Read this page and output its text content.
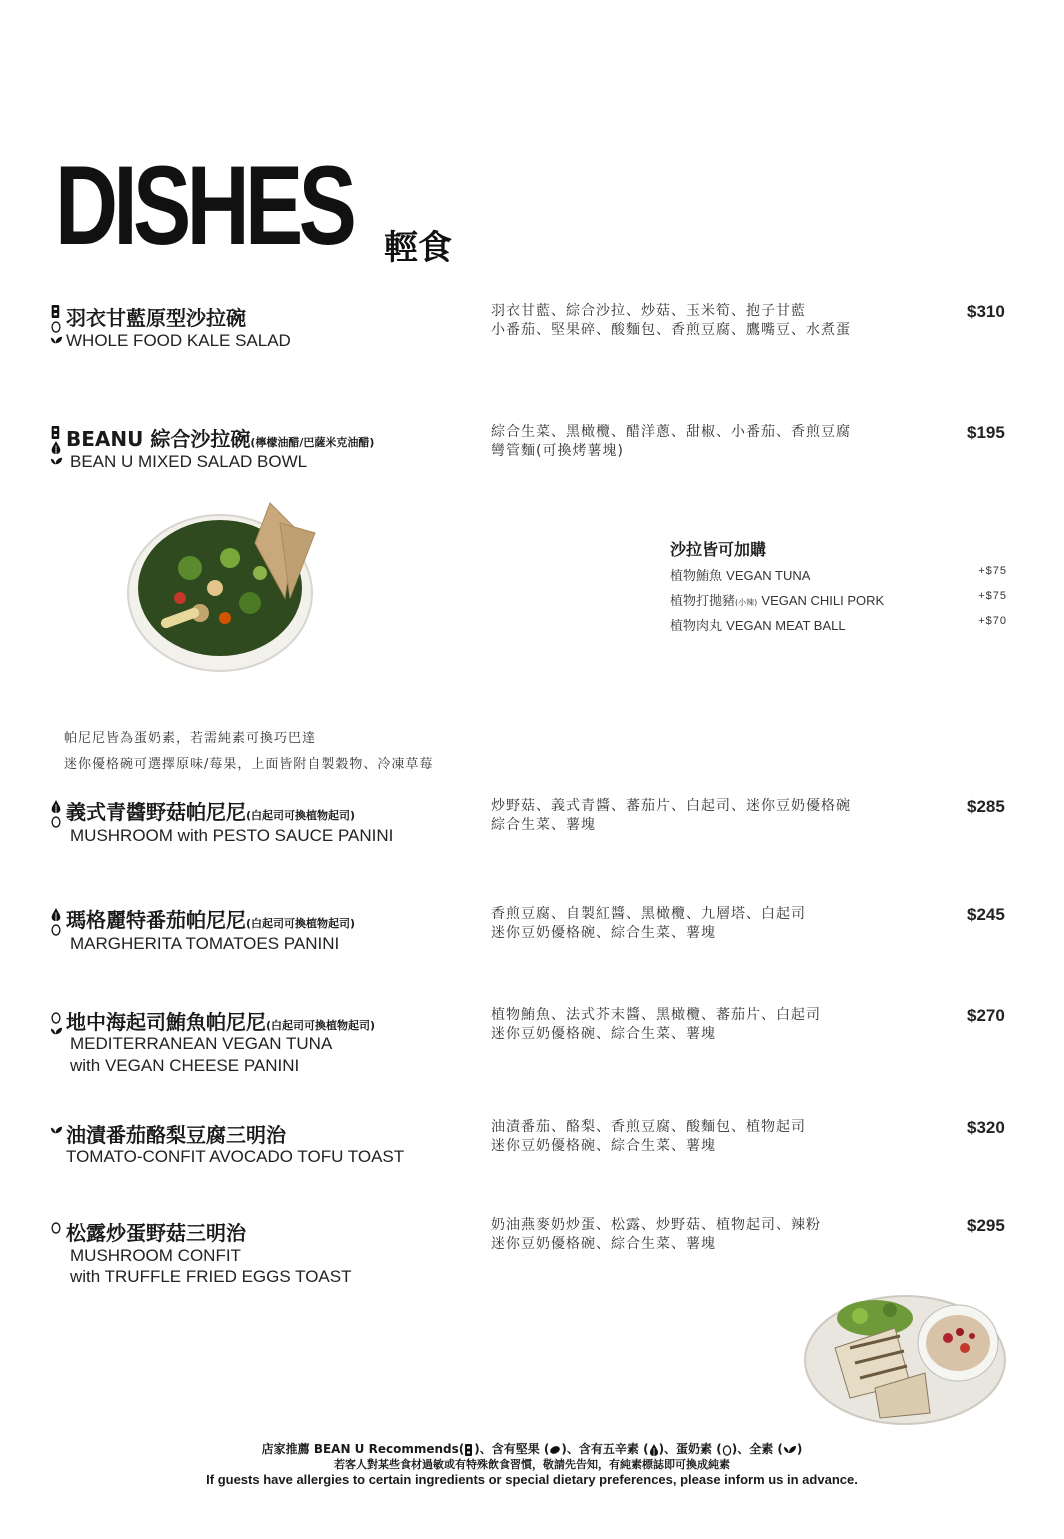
DISHES 輕食
羽衣甘藍原型沙拉碗
WHOLE FOOD KALE SALAD
羽衣甘藍、綜合沙拉、炒菇、玉米筍、抱子甘藍
小番茄、堅果碎、酸麵包、香煎豆腐、鷹嘴豆、水煮蛋
$310
BEANU 綜合沙拉碗(檸檬油醋/巴薩米克油醋)
BEAN U MIXED SALAD BOWL
綜合生菜、黑橄欖、醋洋蔥、甜椒、小番茄、香煎豆腐
彎管麵(可換烤薯塊)
$195
沙拉皆可加購
植物鮪魚 VEGAN TUNA	+$75
植物打拋豬(小辣) VEGAN CHILI PORK	+$75
植物肉丸 VEGAN MEAT BALL	+$70
帕尼尼皆為蛋奶素，若需純素可換巧巴達
迷你優格碗可選擇原味/莓果，上面皆附自製穀物、冷凍草莓
義式青醬野菇帕尼尼(白起司可換植物起司)
MUSHROOM with PESTO SAUCE PANINI
炒野菇、義式青醬、蕃茄片、白起司、迷你豆奶優格碗
綜合生菜、薯塊
$285
瑪格麗特番茄帕尼尼(白起司可換植物起司)
MARGHERITA TOMATOES PANINI
香煎豆腐、自製紅醬、黑橄欖、九層塔、白起司
迷你豆奶優格碗、綜合生菜、薯塊
$245
地中海起司鮪魚帕尼尼(白起司可換植物起司)
MEDITERRANEAN VEGAN TUNA
with VEGAN CHEESE PANINI
植物鮪魚、法式芥末醬、黑橄欖、蕃茄片、白起司
迷你豆奶優格碗、綜合生菜、薯塊
$270
油漬番茄酪梨豆腐三明治
TOMATO-CONFIT AVOCADO TOFU TOAST
油漬番茄、酪梨、香煎豆腐、酸麵包、植物起司
迷你豆奶優格碗、綜合生菜、薯塊
$320
松露炒蛋野菇三明治
MUSHROOM CONFIT
with TRUFFLE FRIED EGGS TOAST
奶油燕麥奶炒蛋、松露、炒野菇、植物起司、辣粉
迷你豆奶優格碗、綜合生菜、薯塊
$295
店家推薦 BEAN U Recommends( )、含有堅果 ( )、含有五辛素 ( )、蛋奶素 ( )、全素 ( )
若客人對某些食材過敏或有特殊飲食習慣，敬請先告知，有純素標誌即可換成純素
If guests have allergies to certain ingredients or special dietary preferences, please inform us in advance.
